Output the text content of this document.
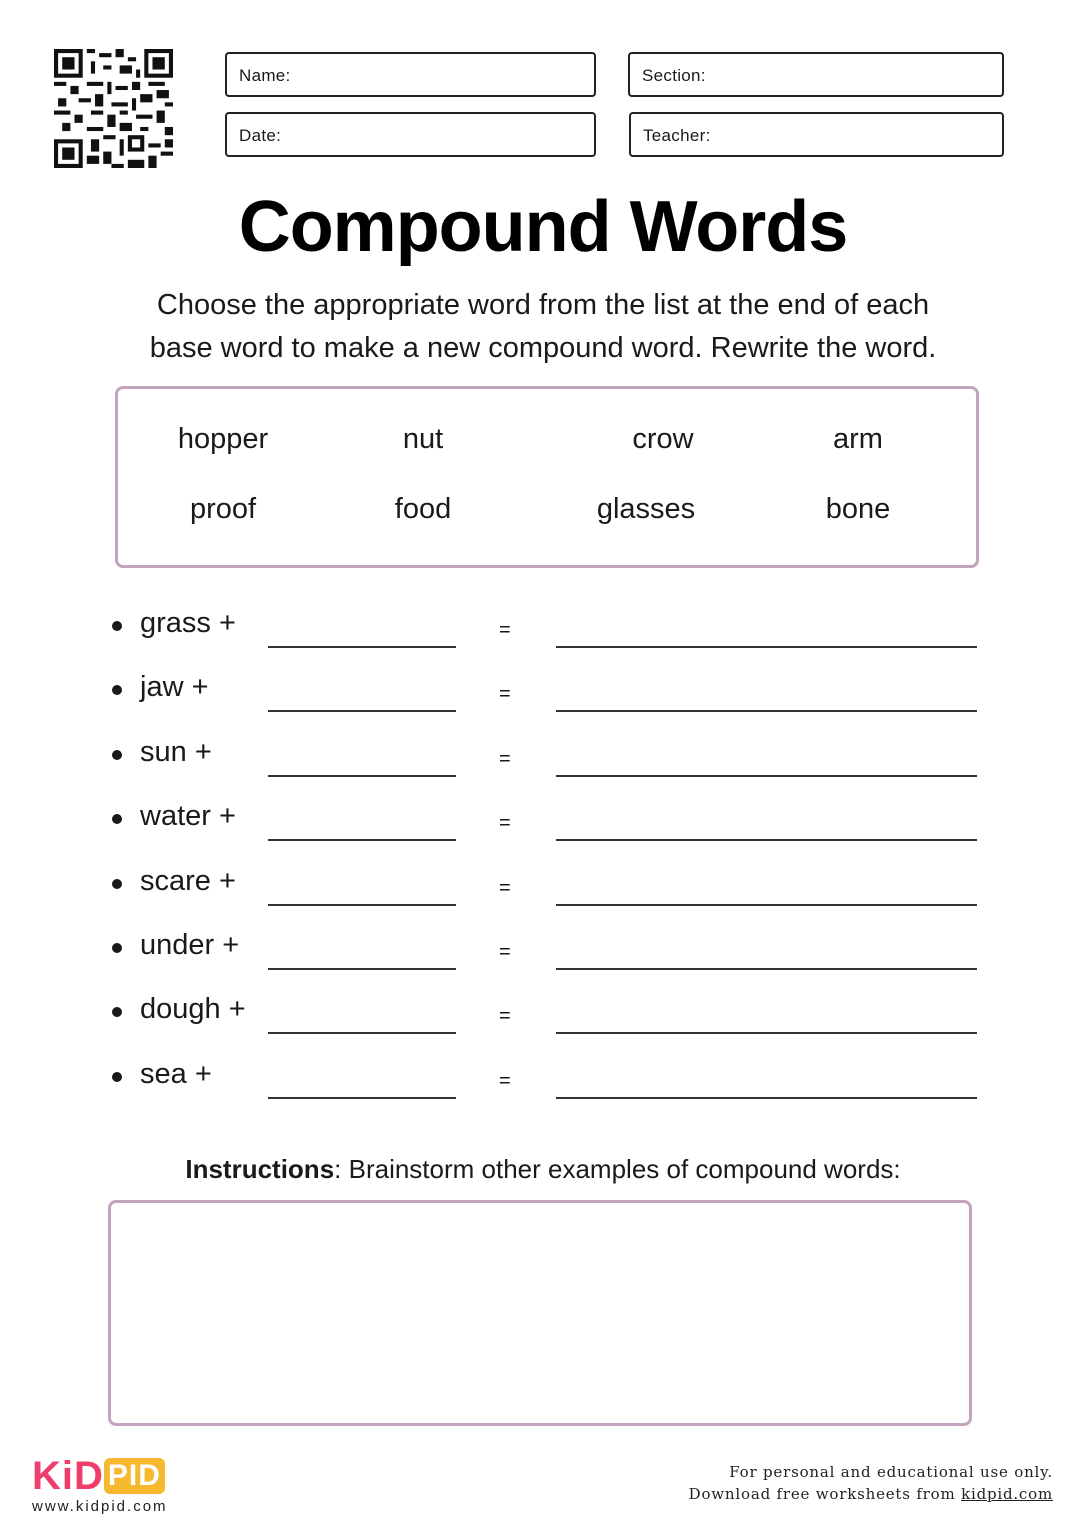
Name:	Section:
Date:	Teacher:
Compound Words
Choose the appropriate word from the list at the end of each
base word to make a new compound word. Rewrite the word.
hopper	nut	crow	arm
proof	food	glasses	bone
grass +	=
jaw +	=
sun +	=
water +	=
scare +	=
under +	=
dough +	=
sea +	=
Instructions: Brainstorm other examples of compound words:
KiD PID
www.kidpid.com
For personal and educational use only.
Download free worksheets from kidpid.com
